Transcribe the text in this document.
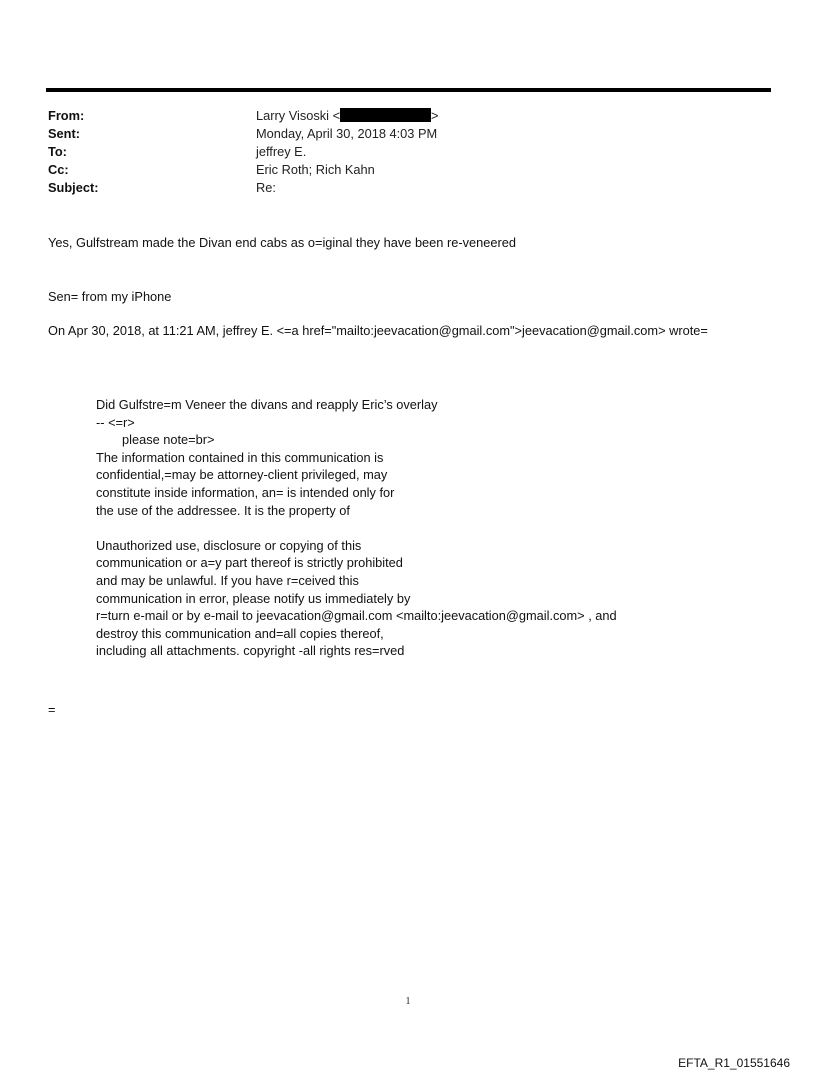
From:	Larry Visoski <	>
Sent:	Monday, April 30, 2018 4:03 PM
To:	jeffrey E.
Cc:	Eric Roth; Rich Kahn
Subject:	Re:
Yes, Gulfstream made the Divan end cabs as o=iginal they have been re-veneered
Sen= from my iPhone
On Apr 30, 2018, at 11:21 AM, jeffrey E. <=a href="mailto:jeevacation@gmail.com">jeevacation@gmail.com> wrote=
Did Gulfstre=m Veneer the divans and reapply Eric’s overlay
-- <=r>
please note=br>
The information contained in this communication is
confidential,=may be attorney-client privileged, may
constitute inside information, an= is intended only for
the use of the addressee. It is the property of
Unauthorized use, disclosure or copying of this
communication or a=y part thereof is strictly prohibited
and may be unlawful. If you have r=ceived this
communication in error, please notify us immediately by
r=turn e-mail or by e-mail to jeevacation@gmail.com <mailto:jeevacation@gmail.com> , and
destroy this communication and=all copies thereof,
including all attachments. copyright -all rights res=rved
=
1
EFTA_R1_01551646
